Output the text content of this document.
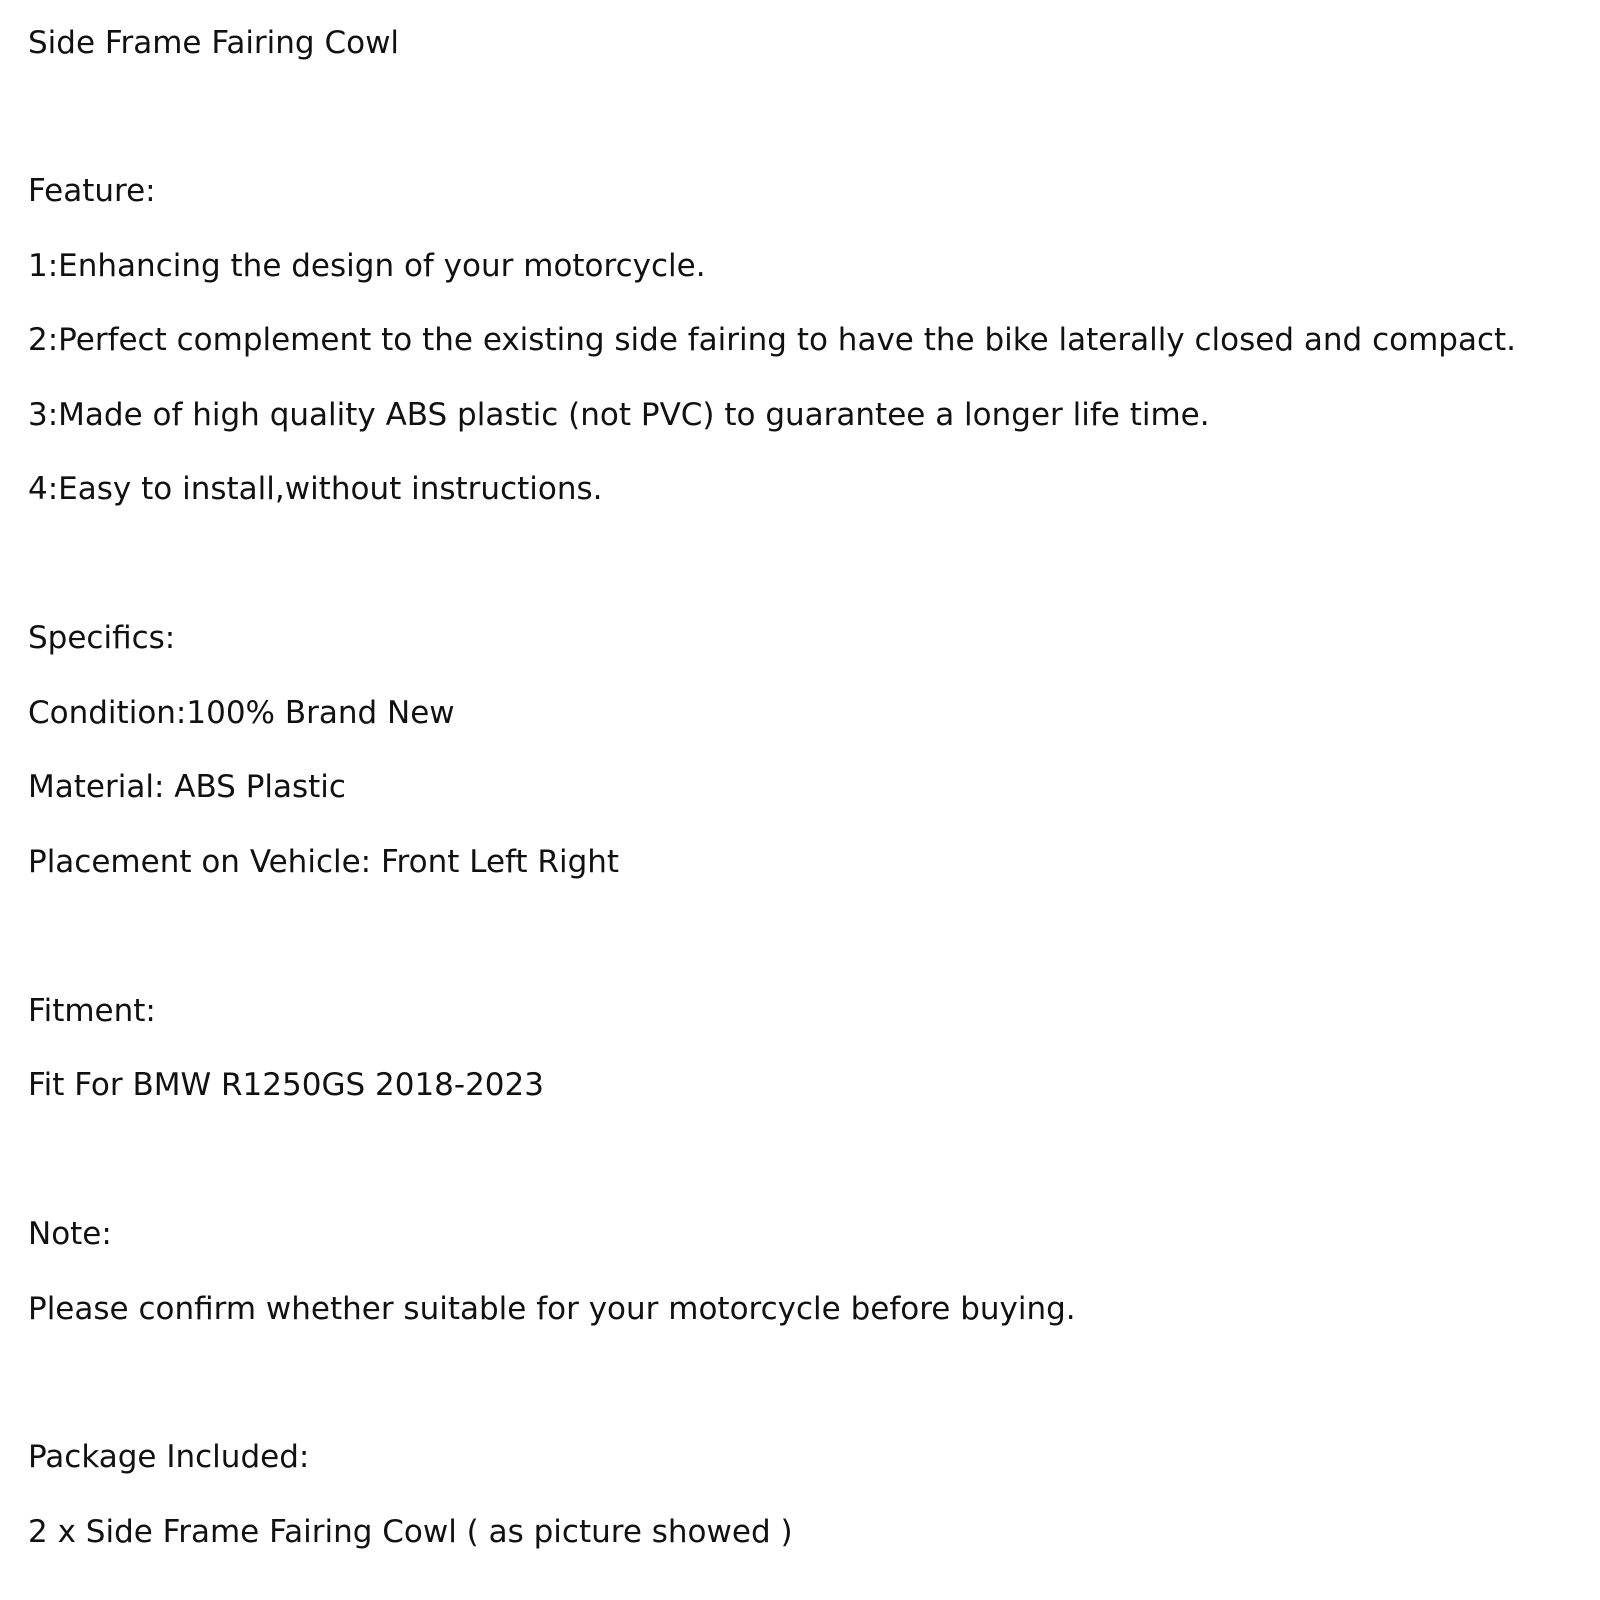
Side Frame Fairing Cowl
Feature:
1:Enhancing the design of your motorcycle.
2:Perfect complement to the existing side fairing to have the bike laterally closed and compact.
3:Made of high quality ABS plastic (not PVC) to guarantee a longer life time.
4:Easy to install,without instructions.
Specifics:
Condition:100% Brand New
Material: ABS Plastic
Placement on Vehicle: Front Left Right
Fitment:
Fit For BMW R1250GS 2018-2023
Note:
Please confirm whether suitable for your motorcycle before buying.
Package Included:
2 x Side Frame Fairing Cowl ( as picture showed )
